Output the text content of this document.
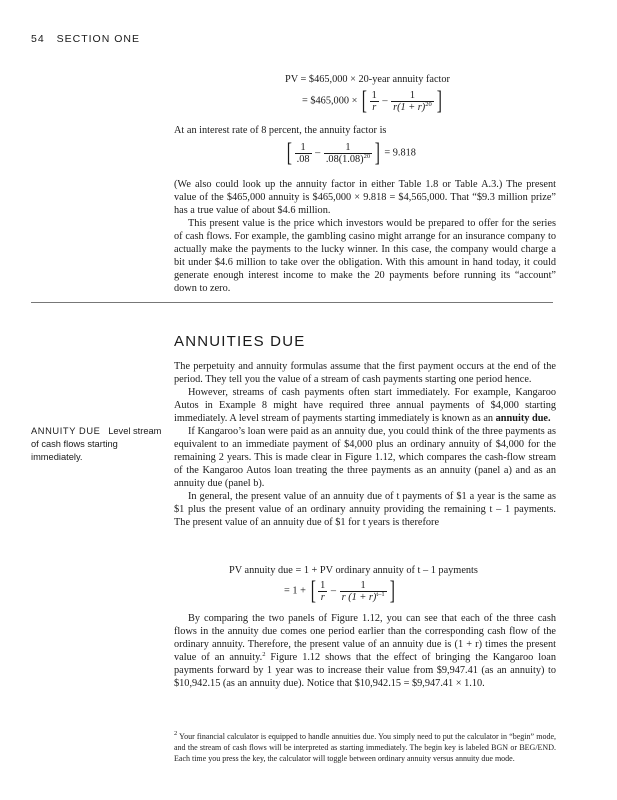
54 SECTION ONE
PV = $465,000 × 20-year annuity factor
= $465,000 × [ $\frac{1}{r} - \frac{1}{r(1 + r)^{20}}$ ]

At an interest rate of 8 percent, the annuity factor is

[ $\frac{1}{.08} - \frac{1}{.08(1.08)^{20}}$ ] = 9.818

(We also could look up the annuity factor in either Table 1.8 or Table A.3.) The present value of the $465,000 annuity is $465,000 × 9.818 = $4,565,000. That “$9.3 million prize” has a true value of about $4.6 million.

This present value is the price which investors would be prepared to offer for the series of cash flows. For example, the gambling casino might arrange for an insurance company to actually make the payments to the lucky winner. In this case, the company would charge a bit under $4.6 million to take over the obligation. With this amount in hand today, it could generate enough interest income to make the 20 payments before running its “account” down to zero.

ANNUITIES DUE

The perpetuity and annuity formulas assume that the first payment occurs at the end of the period. They tell you the value of a stream of cash payments starting one period hence.

However, streams of cash payments often start immediately. For example, Kangaroo Autos in Example 8 might have required three annual payments of $4,000 starting immediately. A level stream of payments starting immediately is known as an annuity due.

If Kangaroo’s loan were paid as an annuity due, you could think of the three payments as equivalent to an immediate payment of $4,000 plus an ordinary annuity of $4,000 for the remaining 2 years. This is made clear in Figure 1.12, which compares the cash-flow stream of the Kangaroo Autos loan treating the three payments as an annuity (panel a) and as an annuity due (panel b).

In general, the present value of an annuity due of t payments of $1 a year is the same as $1 plus the present value of an ordinary annuity providing the remaining t – 1 payments. The present value of an annuity due of $1 for t years is therefore

PV annuity due = 1 + PV ordinary annuity of t – 1 payments
= 1 + [ $\frac{1}{r} - \frac{1}{r (1 + r)^{t-1}}$ ]

By comparing the two panels of Figure 1.12, you can see that each of the three cash flows in the annuity due comes one period earlier than the corresponding cash flow of the ordinary annuity. Therefore, the present value of an annuity due is (1 + r) times the present value of an annuity.$^2$ Figure 1.12 shows that the effect of bringing the Kangaroo loan payments forward by 1 year was to increase their value from $9,947.41 (as an annuity) to $10,942.15 (as an annuity due). Notice that $10,942.15 = $9,947.41 × 1.10.

ANNUITY DUE Level stream of cash flows starting immediately.
$^2$ Your financial calculator is equipped to handle annuities due. You simply need to put the calculator in “begin” mode, and the stream of cash flows will be interpreted as starting immediately. The begin key is labeled BGN or BEG/END. Each time you press the key, the calculator will toggle between ordinary annuity versus annuity due mode.
